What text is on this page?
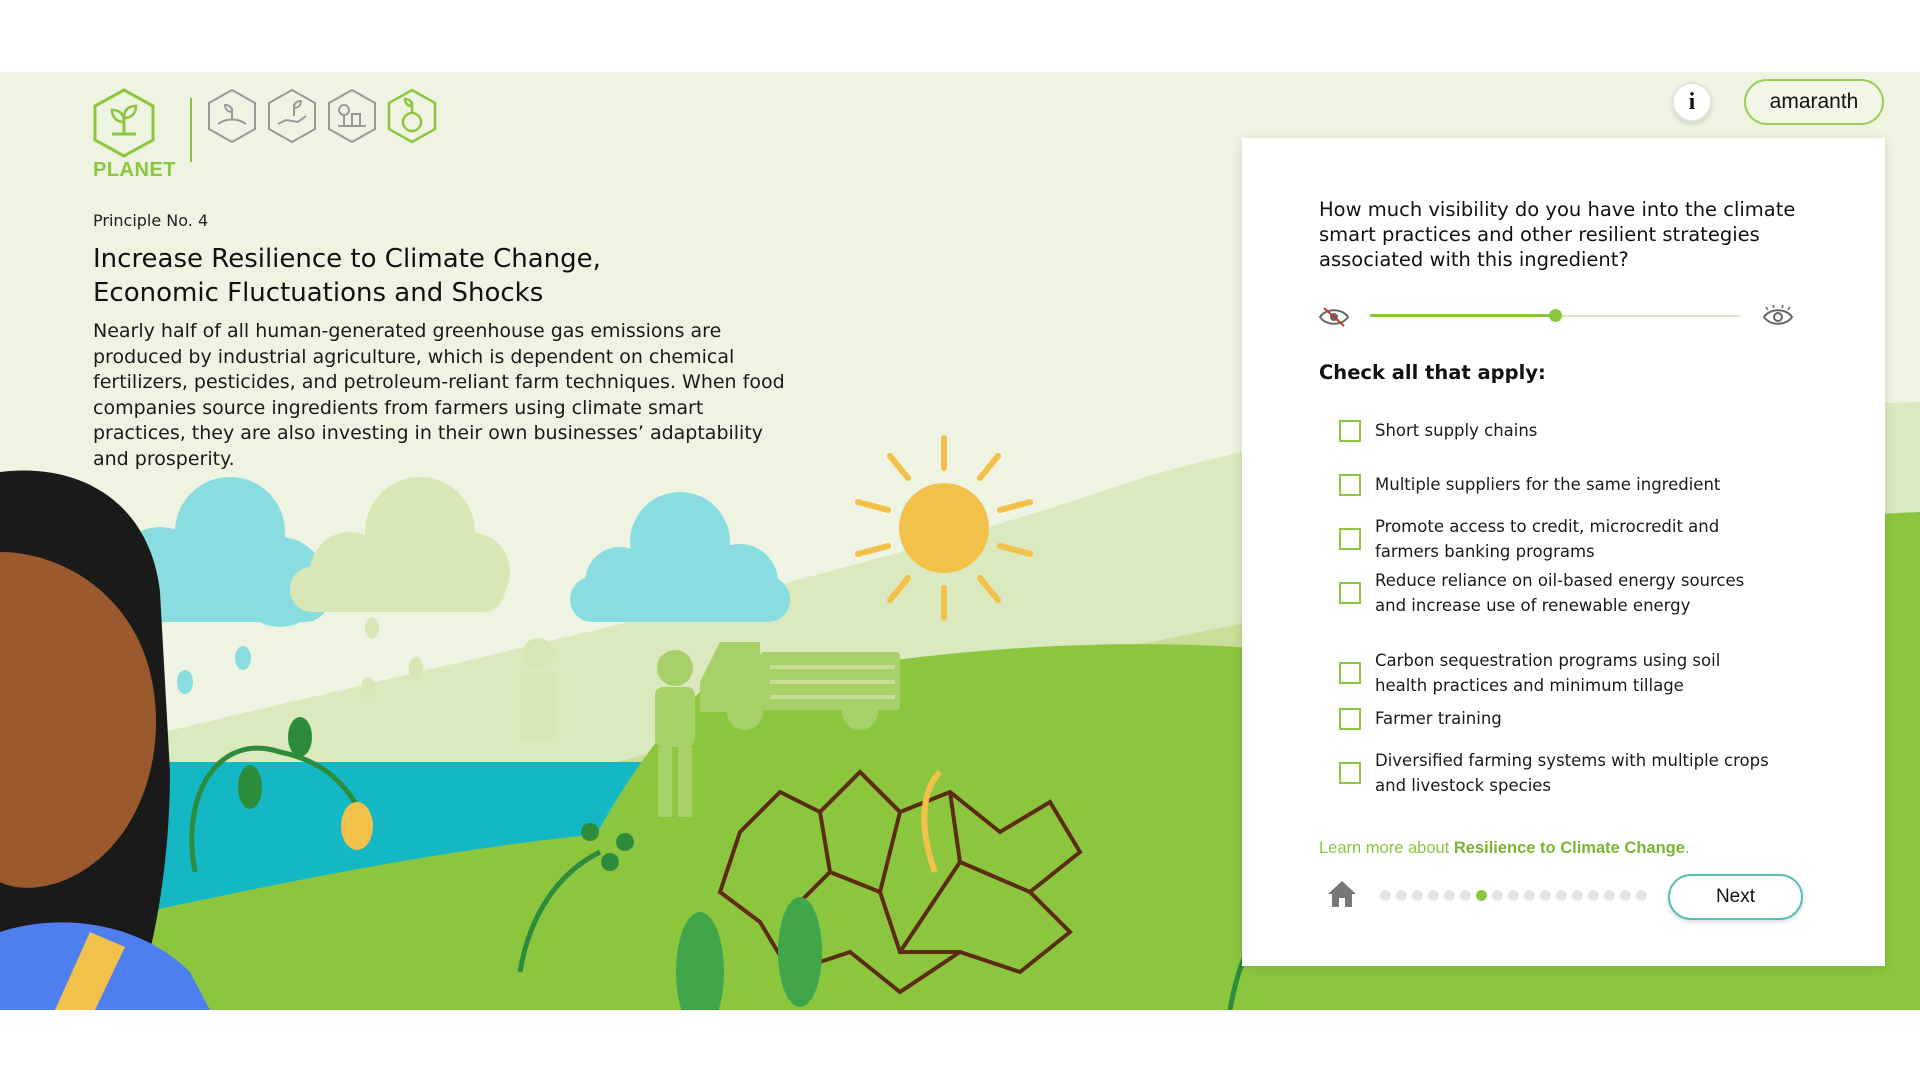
PLANET
i	amaranth
Principle No. 4
Increase Resilience to Climate Change, Economic Fluctuations and Shocks
Nearly half of all human-generated greenhouse gas emissions are produced by industrial agriculture, which is dependent on chemical fertilizers, pesticides, and petroleum-reliant farm techniques. When food companies source ingredients from farmers using climate smart practices, they are also investing in their own businesses’ adaptability and prosperity.
How much visibility do you have into the climate smart practices and other resilient strategies associated with this ingredient?
Check all that apply:
Short supply chains
Multiple suppliers for the same ingredient
Promote access to credit, microcredit and farmers banking programs
Reduce reliance on oil-based energy sources and increase use of renewable energy
Carbon sequestration programs using soil health practices and minimum tillage
Farmer training
Diversified farming systems with multiple crops and livestock species
Learn more about Resilience to Climate Change.
Next
